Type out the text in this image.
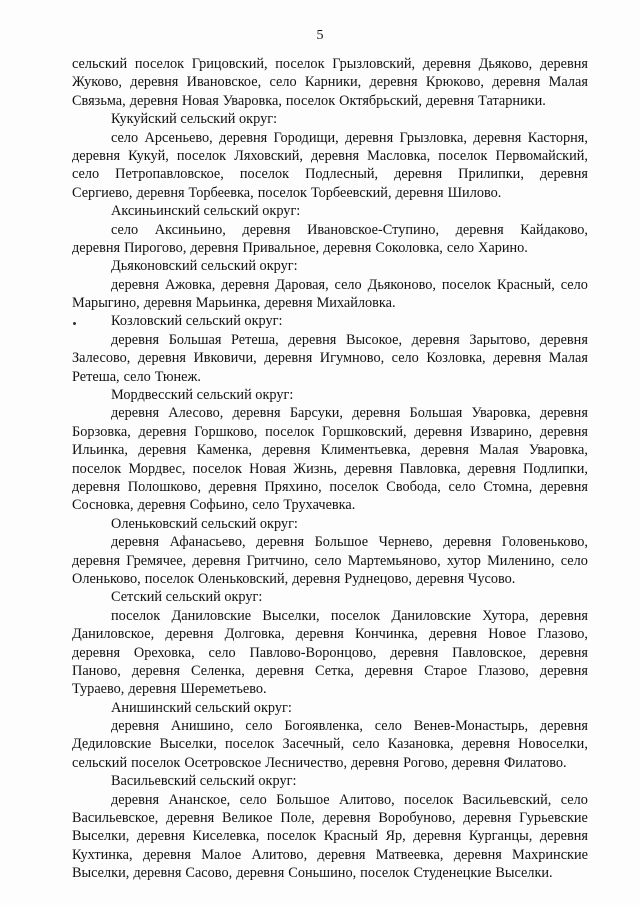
5
сельский поселок Грицовский, поселок Грызловский, деревня Дьяково, деревня
Жуково, деревня Ивановское, село Карники, деревня Крюково, деревня Малая
Связьма, деревня Новая Уваровка, поселок Октябрьский, деревня Татарники.
Кукуйский сельский округ:
село Арсеньево, деревня Городищи, деревня Грызловка, деревня Касторня,
деревня Кукуй, поселок Ляховский, деревня Масловка, поселок Первомайский,
село Петропавловское, поселок Подлесный, деревня Прилипки, деревня
Сергиево, деревня Торбеевка, поселок Торбеевский, деревня Шилово.
Аксиньинский сельский округ:
село Аксиньино, деревня Ивановское-Ступино, деревня Кайдаково,
деревня Пирогово, деревня Привальное, деревня Соколовка, село Харино.
Дьяконовский сельский округ:
деревня Ажовка, деревня Даровая, село Дьяконово, поселок Красный, село
Марыгино, деревня Марьинка, деревня Михайловка.
Козловский сельский округ:
деревня Большая Ретеша, деревня Высокое, деревня Зарытово, деревня
Залесово, деревня Ивковичи, деревня Игумново, село Козловка, деревня Малая
Ретеша, село Тюнеж.
Мордвесский сельский округ:
деревня Алесово, деревня Барсуки, деревня Большая Уваровка, деревня
Борзовка, деревня Горшково, поселок Горшковский, деревня Изварино, деревня
Ильинка, деревня Каменка, деревня Климентьевка, деревня Малая Уваровка,
поселок Мордвес, поселок Новая Жизнь, деревня Павловка, деревня Подлипки,
деревня Полошково, деревня Пряхино, поселок Свобода, село Стомна, деревня
Сосновка, деревня Софьино, село Трухачевка.
Оленьковский сельский округ:
деревня Афанасьево, деревня Большое Чернево, деревня Головеньково,
деревня Гремячее, деревня Гритчино, село Мартемьяново, хутор Миленино, село
Оленьково, поселок Оленьковский, деревня Руднецово, деревня Чусово.
Сетский сельский округ:
поселок Даниловские Выселки, поселок Даниловские Хутора, деревня
Даниловское, деревня Долговка, деревня Кончинка, деревня Новое Глазово,
деревня Ореховка, село Павлово-Воронцово, деревня Павловское, деревня
Паново, деревня Селенка, деревня Сетка, деревня Старое Глазово, деревня
Тураево, деревня Шереметьево.
Анишинский сельский округ:
деревня Анишино, село Богоявленка, село Венев-Монастырь, деревня
Дедиловские Выселки, поселок Засечный, село Казановка, деревня Новоселки,
сельский поселок Осетровское Лесничество, деревня Рогово, деревня Филатово.
Васильевский сельский округ:
деревня Ананское, село Большое Алитово, поселок Васильевский, село
Васильевское, деревня Великое Поле, деревня Воробуново, деревня Гурьевские
Выселки, деревня Киселевка, поселок Красный Яр, деревня Курганцы, деревня
Кухтинка, деревня Малое Алитово, деревня Матвеевка, деревня Махринские
Выселки, деревня Сасово, деревня Соньшино, поселок Студенецкие Выселки.
